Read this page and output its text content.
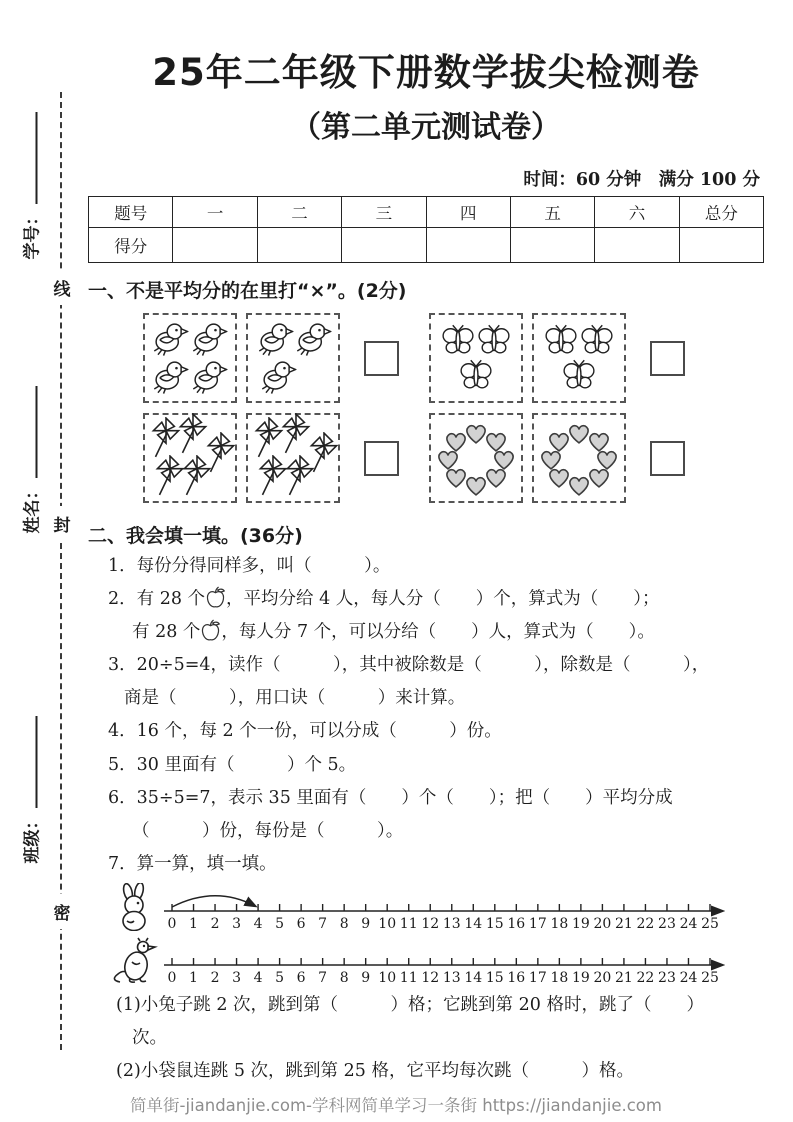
线
封
密
学号：
姓名：
班级：
25年二年级下册数学拔尖检测卷
（第二单元测试卷）
时间：60 分钟　满分 100 分
题号	一	二	三	四	五	六	总分
得分							
一、不是平均分的在里打“×”。(2分)
二、我会填一填。(36分)

1．每份分得同样多，叫（　　　）。

2．有 28 个 ，平均分给 4 人，每人分（　　）个，算式为（　　）；

有 28 个 ，每人分 7 个，可以分给（　　）人，算式为（　　）。

3．20÷5=4，读作（　　　），其中被除数是（　　　），除数是（　　　），

商是（　　　），用口诀（　　　）来计算。

4．16 个，每 2 个一份，可以分成（　　　）份。

5．30 里面有（　　　）个 5。

6．35÷5=7，表示 35 里面有（　　）个（　　）；把（　　）平均分成

（　　　）份，每份是（　　　）。

7．算一算，填一填。

0 1 2 3 4 5 6 7 8 9 10 11 12 13 14 15 16 17 18 19 20 21 22 23 24 25
0 1 2 3 4 5 6 7 8 9 10 11 12 13 14 15 16 17 18 19 20 21 22 23 24 25

(1)小兔子跳 2 次，跳到第（　　　）格；它跳到第 20 格时，跳了（　　）

次。

(2)小袋鼠连跳 5 次，跳到第 25 格，它平均每次跳（　　　）格。

简单街-jiandanjie.com-学科网简单学习一条街 https://jiandanjie.com
